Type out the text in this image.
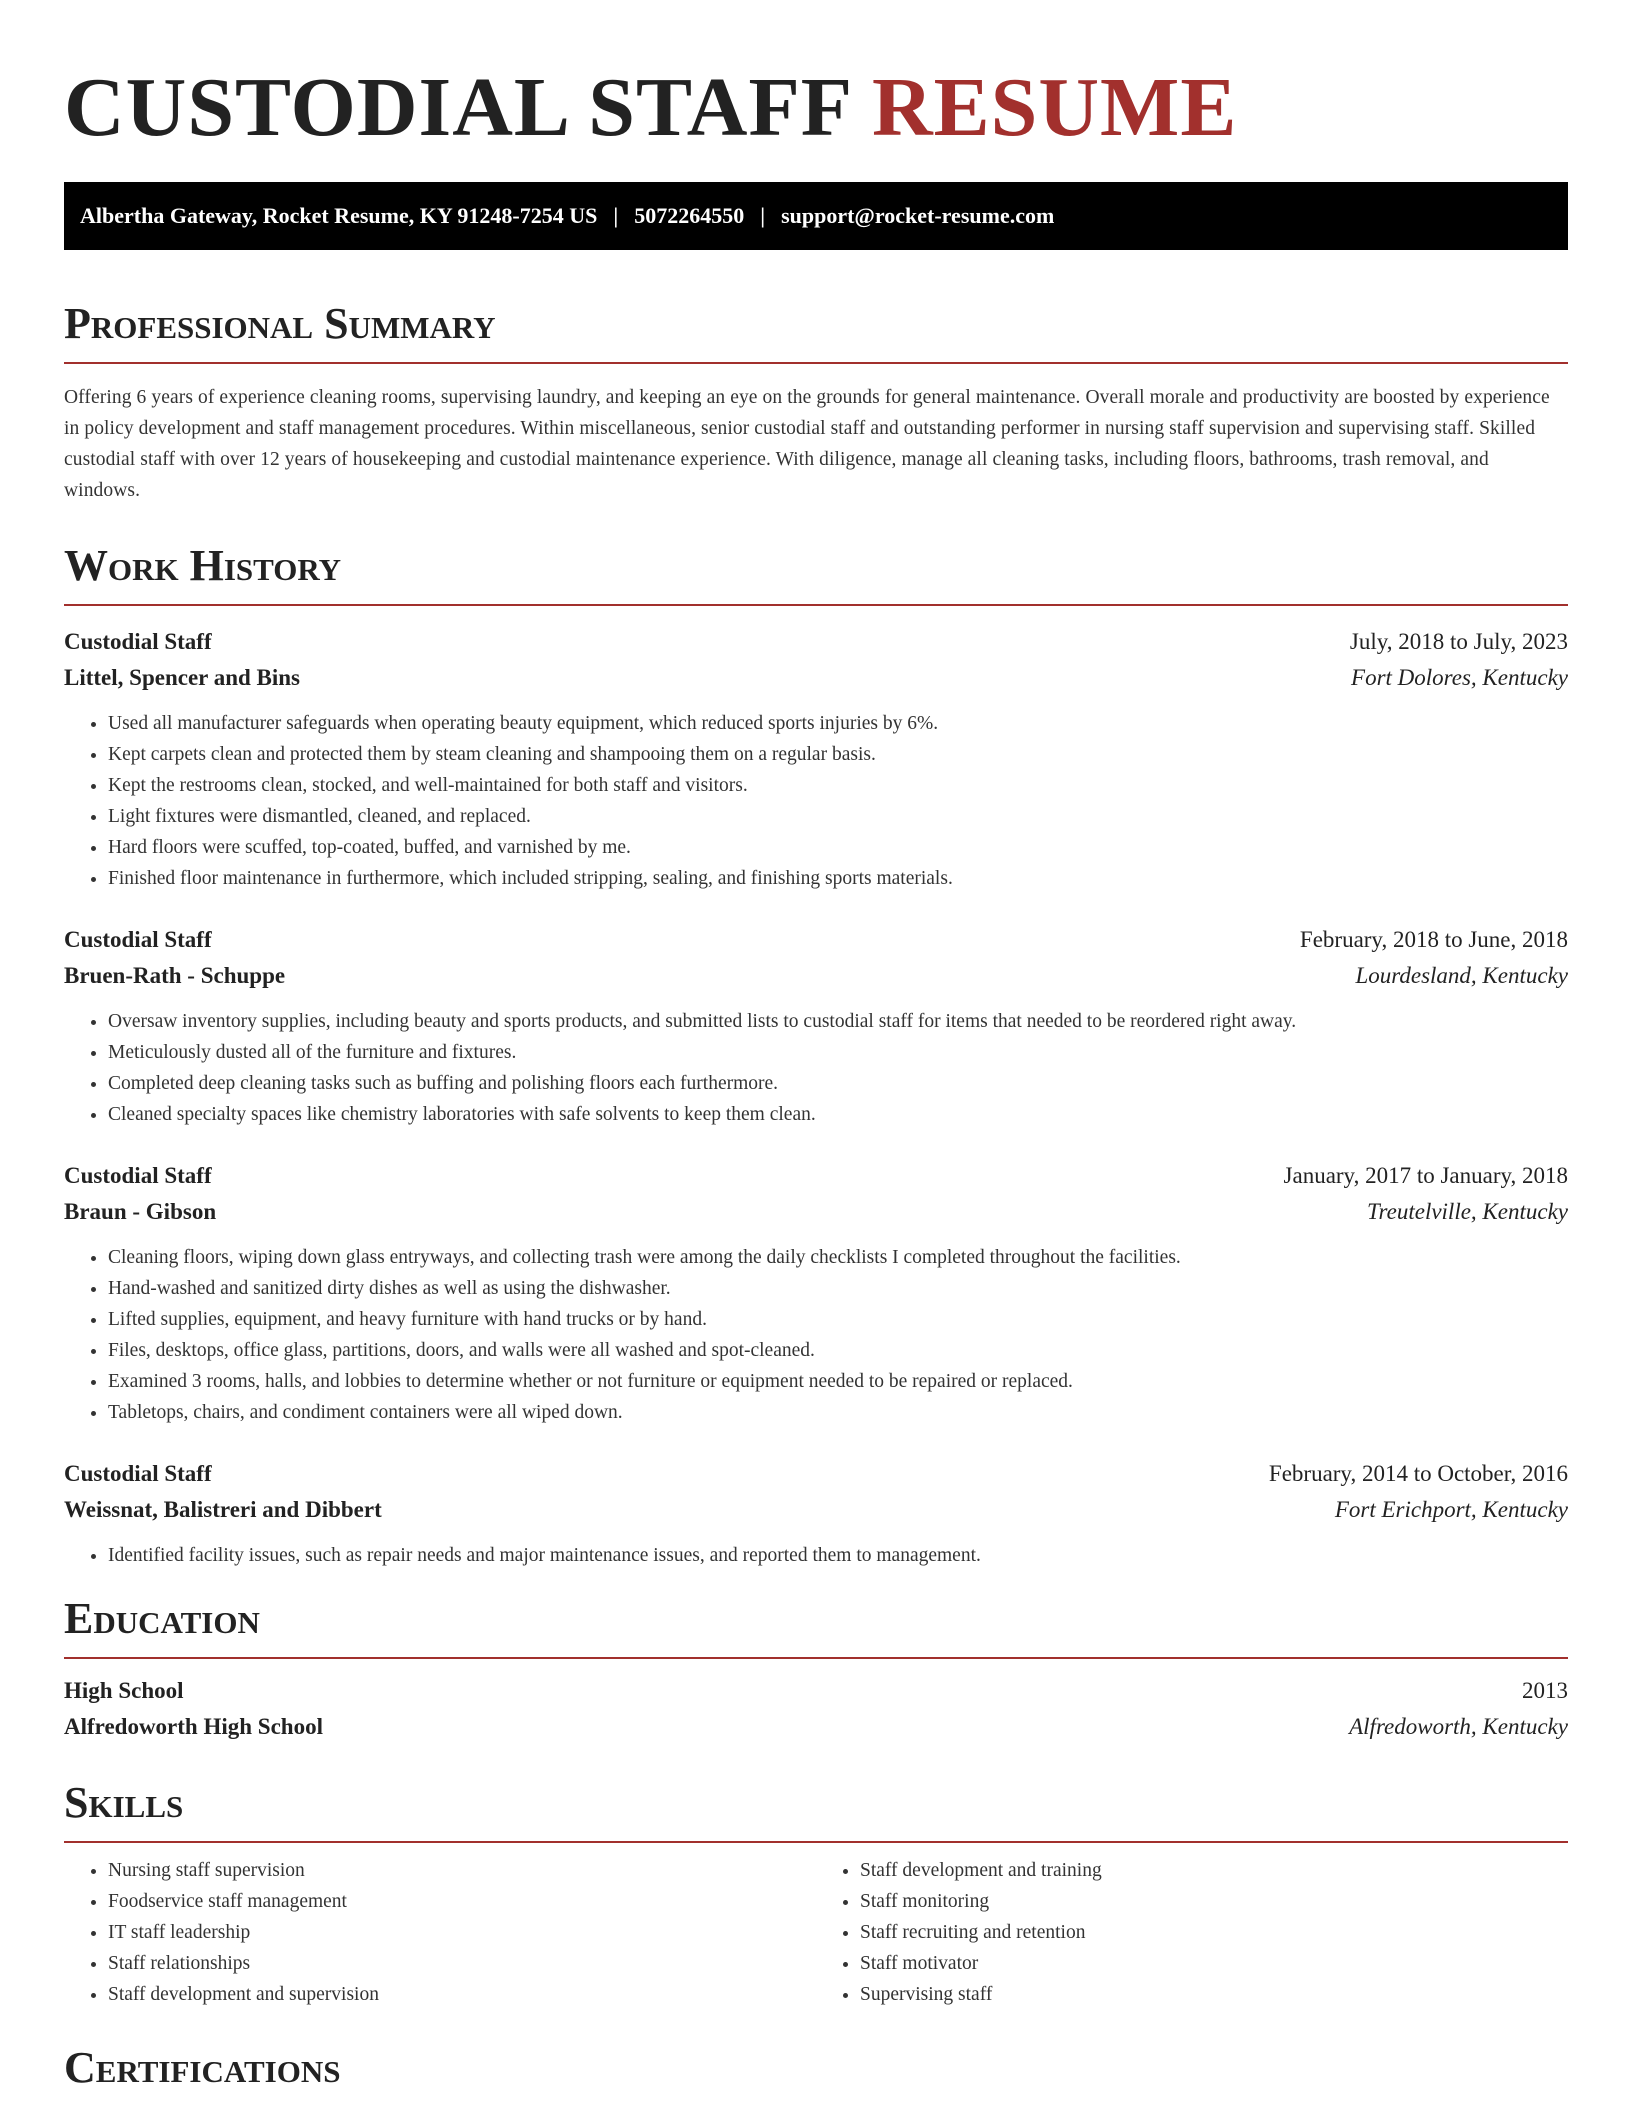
CUSTODIAL STAFF RESUME
Albertha Gateway, Rocket Resume, KY 91248-7254 US | 5072264550 | support@rocket-resume.com
Professional Summary

Offering 6 years of experience cleaning rooms, supervising laundry, and keeping an eye on the grounds for general maintenance. Overall morale and productivity are boosted by experience in policy development and staff management procedures. Within miscellaneous, senior custodial staff and outstanding performer in nursing staff supervision and supervising staff. Skilled custodial staff with over 12 years of housekeeping and custodial maintenance experience. With diligence, manage all cleaning tasks, including floors, bathrooms, trash removal, and windows.

Work History
Custodial Staff	July, 2018 to July, 2023
Littel, Spencer and Bins	Fort Dolores, Kentucky
• Used all manufacturer safeguards when operating beauty equipment, which reduced sports injuries by 6%.
• Kept carpets clean and protected them by steam cleaning and shampooing them on a regular basis.
• Kept the restrooms clean, stocked, and well-maintained for both staff and visitors.
• Light fixtures were dismantled, cleaned, and replaced.
• Hard floors were scuffed, top-coated, buffed, and varnished by me.
• Finished floor maintenance in furthermore, which included stripping, sealing, and finishing sports materials.
Custodial Staff	February, 2018 to June, 2018
Bruen-Rath - Schuppe	Lourdesland, Kentucky
• Oversaw inventory supplies, including beauty and sports products, and submitted lists to custodial staff for items that needed to be reordered right away.
• Meticulously dusted all of the furniture and fixtures.
• Completed deep cleaning tasks such as buffing and polishing floors each furthermore.
• Cleaned specialty spaces like chemistry laboratories with safe solvents to keep them clean.
Custodial Staff	January, 2017 to January, 2018
Braun - Gibson	Treutelville, Kentucky
• Cleaning floors, wiping down glass entryways, and collecting trash were among the daily checklists I completed throughout the facilities.
• Hand-washed and sanitized dirty dishes as well as using the dishwasher.
• Lifted supplies, equipment, and heavy furniture with hand trucks or by hand.
• Files, desktops, office glass, partitions, doors, and walls were all washed and spot-cleaned.
• Examined 3 rooms, halls, and lobbies to determine whether or not furniture or equipment needed to be repaired or replaced.
• Tabletops, chairs, and condiment containers were all wiped down.
Custodial Staff	February, 2014 to October, 2016
Weissnat, Balistreri and Dibbert	Fort Erichport, Kentucky
• Identified facility issues, such as repair needs and major maintenance issues, and reported them to management.
Education
High School	2013
Alfredoworth High School	Alfredoworth, Kentucky
Skills
• Nursing staff supervision
• Foodservice staff management
• IT staff leadership
• Staff relationships
• Staff development and supervision
• Staff development and training
• Staff monitoring
• Staff recruiting and retention
• Staff motivator
• Supervising staff
Certifications
